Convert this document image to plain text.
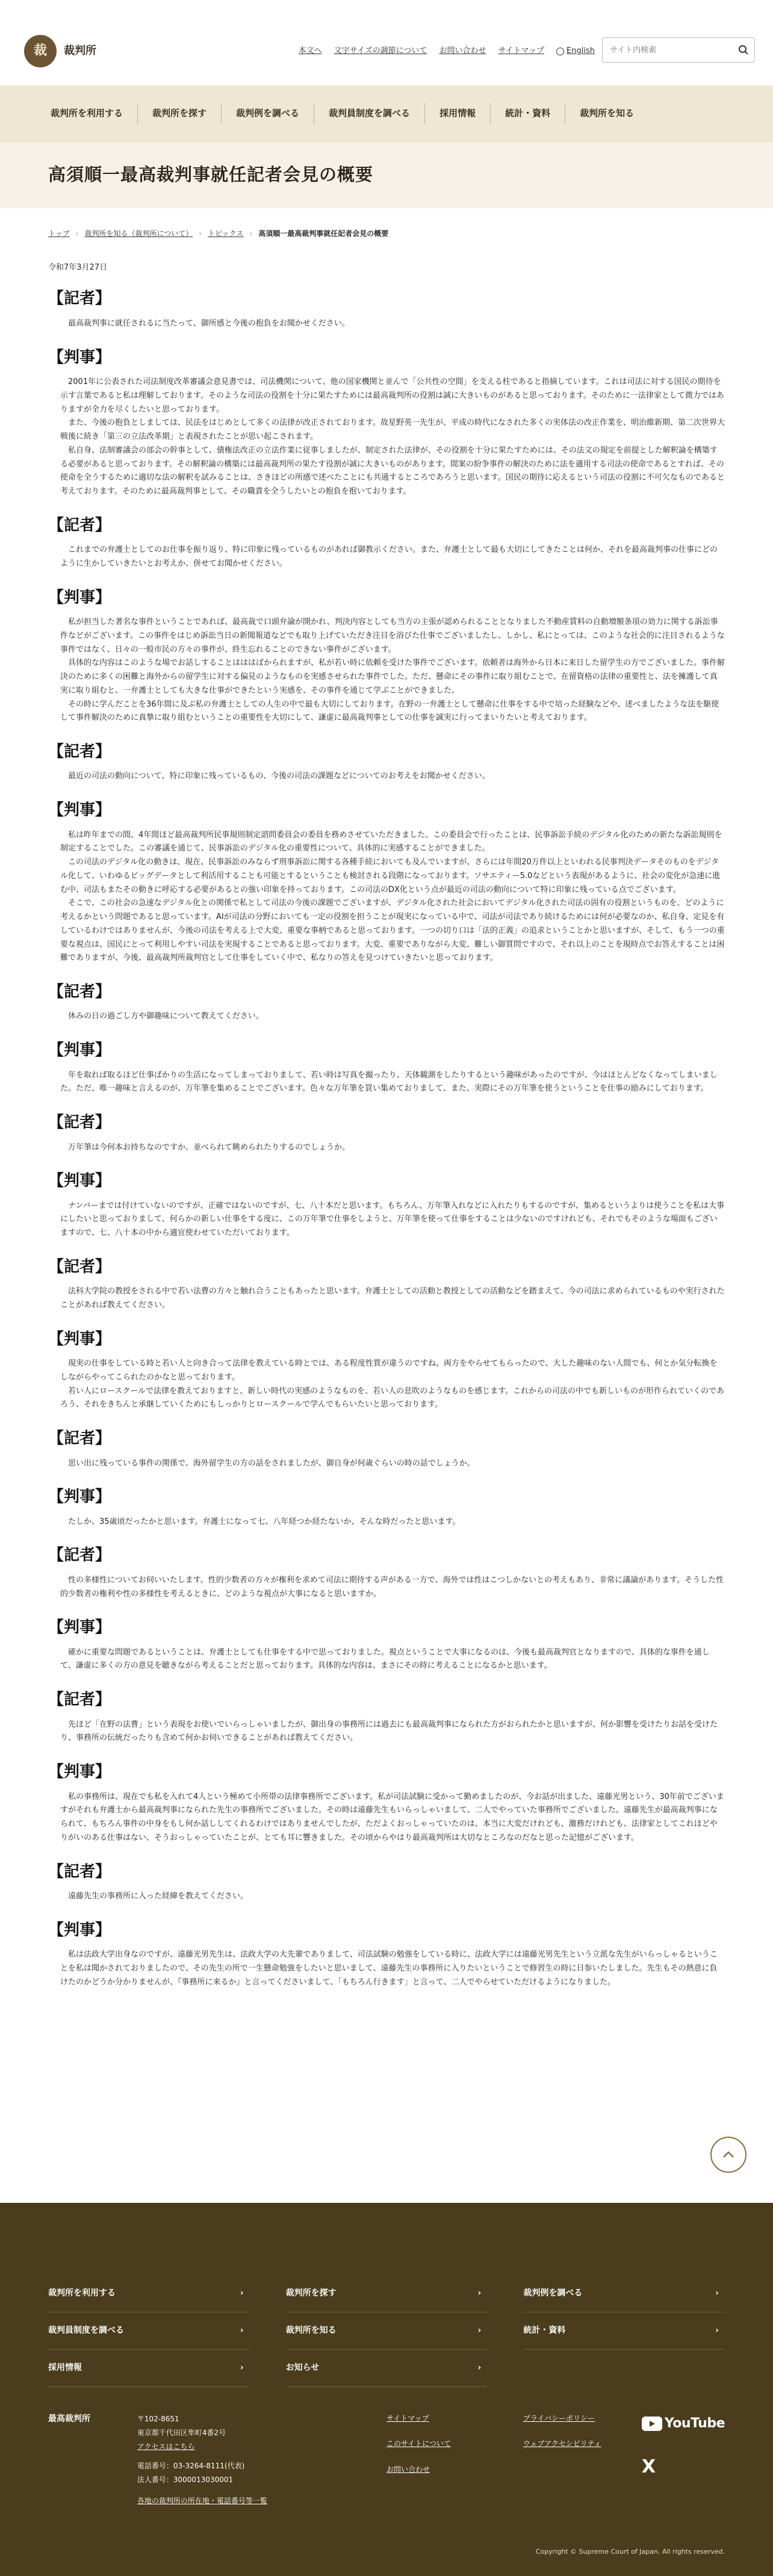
裁	裁判所	本文へ 文字サイズの調節について お問い合わせ サイトマップ	English
サイト内検索
裁判所を利用する	裁判所を探す	裁判例を調べる	裁判員制度を調べる	採用情報	統計・資料	裁判所を知る
高須順一最高裁判事就任記者会見の概要
トップ › 裁判所を知る（裁判所について） › トピックス › 高須順一最高裁判事就任記者会見の概要
令和7年3月27日
【記者】

最高裁判事に就任されるに当たって、御所感と今後の抱負をお聞かせください。

【判事】

2001年に公表された司法制度改革審議会意見書では、司法機関について、他の国家機関と並んで「公共性の空間」を支える柱であると指摘しています。これは司法に対する国民の期待を示す言葉であると私は理解しております。そのような司法の役割を十分に果たすためには最高裁判所の役割は誠に大きいものがあると思っております。そのために一法律家として微力ではありますが全力を尽くしたいと思っております。

また、今後の抱負としましては、民法をはじめとして多くの法律が改正されております。故星野英一先生が、平成の時代になされた多くの実体法の改正作業を、明治維新期、第二次世界大戦後に続き「第三の立法改革期」と表現されたことが思い起こされます。

私自身、法制審議会の部会の幹事として、債権法改正の立法作業に従事しましたが、制定された法律が、その役割を十分に果たすためには、その法文の規定を前提とした解釈論を構築する必要があると思っております。その解釈論の構築には最高裁判所の果たす役割が誠に大きいものがあります。間案の紛争事件の解決のために法を適用する司法の使命であるとすれば、その使命を全うするために適切な法の解釈を試みることは、さきほどの所感で述べたことにも共通するところであろうと思います。国民の期待に応えるという司法の役割に不可欠なものであると考えております。そのために最高裁判事として、その職責を全うしたいとの抱負を抱いております。

【記者】

これまでの弁護士としてのお仕事を振り返り、特に印象に残っているものがあれば御教示ください。また、弁護士として最も大切にしてきたことは何か、それを最高裁判事の仕事にどのように生かしていきたいとお考えか、併せてお聞かせください。

【判事】

私が担当した著名な事件ということであれば、最高裁で口頭弁論が開かれ、判決内容としても当方の主張が認められることとなりました不動産賃料の自動増額条項の効力に関する訴訟事件などがございます。この事件をはじめ訴訟当日の新聞報道などでも取り上げていただき注目を浴びた仕事でございましたし、しかし、私にとっては、このような社会的に注目されるような事件ではなく、日々の一般市民の方々の事件が、終生忘れることのできない事件がございます。

具体的な内容はこのような場でお話しすることはははばかられますが、私が若い時に依頼を受けた事件でございます。依頼者は海外から日本に来日した留学生の方でございました。事件解決のために多くの困難と海外からの留学生に対する偏見のようなものを実感させられた事件でした。ただ、懸命にその事件に取り組むことで、在留資格の法律の重要性と、法を擁護して真実に取り組むと、一弁護士としても大きな仕事ができたという実感を、その事件を通じて学ぶことができました。

その時に学んだことを36年間に及ぶ私の弁護士としての人生の中で最も大切にしております。在野の一弁護士として懸命に仕事をする中で培った経験などや、述べましたような法を駆使して事件解決のために真摯に取り組むということの重要性を大切にして、謙虚に最高裁判事としての仕事を誠実に行ってまいりたいと考えております。

【記者】

最近の司法の動向について、特に印象に残っているもの、今後の司法の課題などについてのお考えをお聞かせください。

【判事】

私は昨年までの間、4年間ほど最高裁判所民事規則制定諮問委員会の委員を務めさせていただきました。この委員会で行ったことは、民事訴訟手続のデジタル化のための新たな訴訟規則を制定することでした。この審議を通じて、民事訴訟のデジタル化の重要性について、具体的に実感することができました。

この司法のデジタル化の動きは、現在、民事訴訟のみならず刑事訴訟に関する各種手続においても及んでいますが、さらには年間20万件以上といわれる民事判決データそのものをデジタル化して、いわゆるビッグデータとして利活用することも可能とするということも検討される段階になっております。ソサエティー5.0などという表現があるように、社会の変化が急速に進む中、司法もまたその動きに呼応する必要があるとの強い印象を持っております。この司法のDX化という点が最近の司法の動向について特に印象に残っている点でございます。

そこで、この社会の急速なデジタル化との関係で私として司法の今後の課題でございますが、デジタル化された社会においてデジタル化された司法の固有の役割というものを、どのように考えるかという問題であると思っています。AIが司法の分野においても一定の役割を担うことが現実になっている中で、司法が司法であり続けるためには何が必要なのか、私自身、定見を有しているわけではありませんが、今後の司法を考える上で大変、重要な事柄であると思っております。一つの切り口は「法的正義」の追求ということかと思いますが、そして、もう一つの重要な視点は、国民にとって利用しやすい司法を実現することであると思っております。大変、重要でありながら大変、難しい御質問ですので、それ以上のことを現時点でお答えすることは困難でありますが、今後、最高裁判所裁判官として仕事をしていく中で、私なりの答えを見つけていきたいと思っております。

【記者】

休みの日の過ごし方や御趣味について教えてください。

【判事】

年を取れば取るほど仕事ばかりの生活になってしまっておりまして、若い時は写真を撮ったり、天体観測をしたりするという趣味があったのですが、今はほとんどなくなってしまいました。ただ、唯一趣味と言えるのが、万年筆を集めることでございます。色々な万年筆を買い集めておりまして、また、実際にその万年筆を使うということを仕事の励みにしております。

【記者】

万年筆は今何本お持ちなのですか。並べられて眺められたりするのでしょうか。

【判事】

ナンバーまでは付けていないのですが、正確ではないのですが、七、八十本だと思います。もちろん、万年筆入れなどに入れたりもするのですが、集めるというよりは使うことを私は大事にしたいと思っておりまして、何らかの新しい仕事をする度に、この万年筆で仕事をしようと、万年筆を使って仕事をすることは少ないのですけれども、それでもそのような場面もございますので、七、八十本の中から適宜使わせていただいております。

【記者】

法科大学院の教授をされる中で若い法曹の方々と触れ合うこともあったと思います。弁護士としての活動と教授としての活動などを踏まえて、今の司法に求められているものや実行されたことがあれば教えてください。

【判事】

現実の仕事をしている時と若い人と向き合って法律を教えている時とでは、ある程度性質が違うのですね。両方をやらせてもらったので、大した趣味のない人間でも、何とか気分転換をしながらやってこられたのかなと思っております。

若い人にロースクールで法律を教えておりますと、新しい時代の実感のようなものを、若い人の息吹のようなものを感じます。これからの司法の中でも新しいものが形作られていくのであろう、それをきちんと承継していくためにもしっかりとロースクールで学んでもらいたいと思っております。

【記者】

思い出に残っている事件の関係で、海外留学生の方の話をされましたが、御自身が何歳ぐらいの時の話でしょうか。

【判事】

たしか、35歳頃だったかと思います。弁護士になって七、八年経つか経たないか、そんな時だったと思います。

【記者】

性の多様性についてお伺いいたします。性的少数者の方々が権利を求めて司法に期待する声がある一方で、海外では性はこつしかないとの考えもあり、非常に議論があります。そうした性的少数者の権利や性の多様性を考えるときに、どのような視点が大事になると思いますか。

【判事】

確かに重要な問題であるということは、弁護士としても仕事をする中で思っておりました。視点ということで大事になるのは、今後も最高裁判官となりますので、具体的な事件を通して、謙虚に多くの方の意見を聴きながら考えることだと思っております。具体的な内容は、まさにその時に考えることになるかと思います。

【記者】

先ほど「在野の法曹」という表現をお使いでいらっしゃいましたが、御出身の事務所には過去にも最高裁判事になられた方がおられたかと思いますが、何か影響を受けたりお話を受けたり、事務所の伝統だったりも含めて何かお伺いできることがあれば教えてください。

【判事】

私の事務所は、現在でも私を入れて4人という極めて小所帯の法律事務所でございます。私が司法試験に受かって勤めましたのが、今お話が出ました、遠藤光男という、30年前でございますがそれも弁護士から最高裁判事になられた先生の事務所でございました。その時は遠藤先生もいらっしゃいまして、二人でやっていた事務所でございました。遠藤先生が最高裁判事になられて、もちろん事件の中身をもし何か話ししてくれるわけではありませんでしたが、ただよくおっしゃっていたのは、本当に大変だけれども、激務だけれども、法律家としてこれほどやりがいのある仕事はない、そうおっしゃっていたことが、とても耳に響きました。その頃からやはり最高裁判所は大切なところなのだなと思った記憶がございます。

【記者】

遠藤先生の事務所に入った経緯を教えてください。

【判事】

私は法政大学出身なのですが、遠藤光男先生は、法政大学の大先輩でありまして、司法試験の勉強をしている時に、法政大学には遠藤光男先生という立派な先生がいらっしゃるということを私は聞かされておりましたので、その先生の所で一生懸命勉強をしたいと思いまして、遠藤先生の事務所に入りたいということで修習生の時に日参いたしました。先生もその熱意に負けたのかどうか分かりませんが、『事務所に来るか』と言ってくださいまして、「もちろん行きます」と言って、二人でやらせていただけるようになりました。

裁判所を利用する	›	裁判所を探す	›	裁判例を調べる	›
裁判員制度を調べる	›	裁判所を知る	›	統計・資料	›
採用情報	›	お知らせ	›
最高裁判所	〒102-8651
東京都千代田区隼町4番2号
アクセスはこちら
電話番号：03-3264-8111(代表)
法人番号：3000013030001
各地の裁判所の所在地・電話番号等一覧
サイトマップ
このサイトについて
お問い合わせ
プライバシーポリシー
ウェブアクセシビリティ
YouTube
X
Copyright © Supreme Court of Japan. All rights reserved.
